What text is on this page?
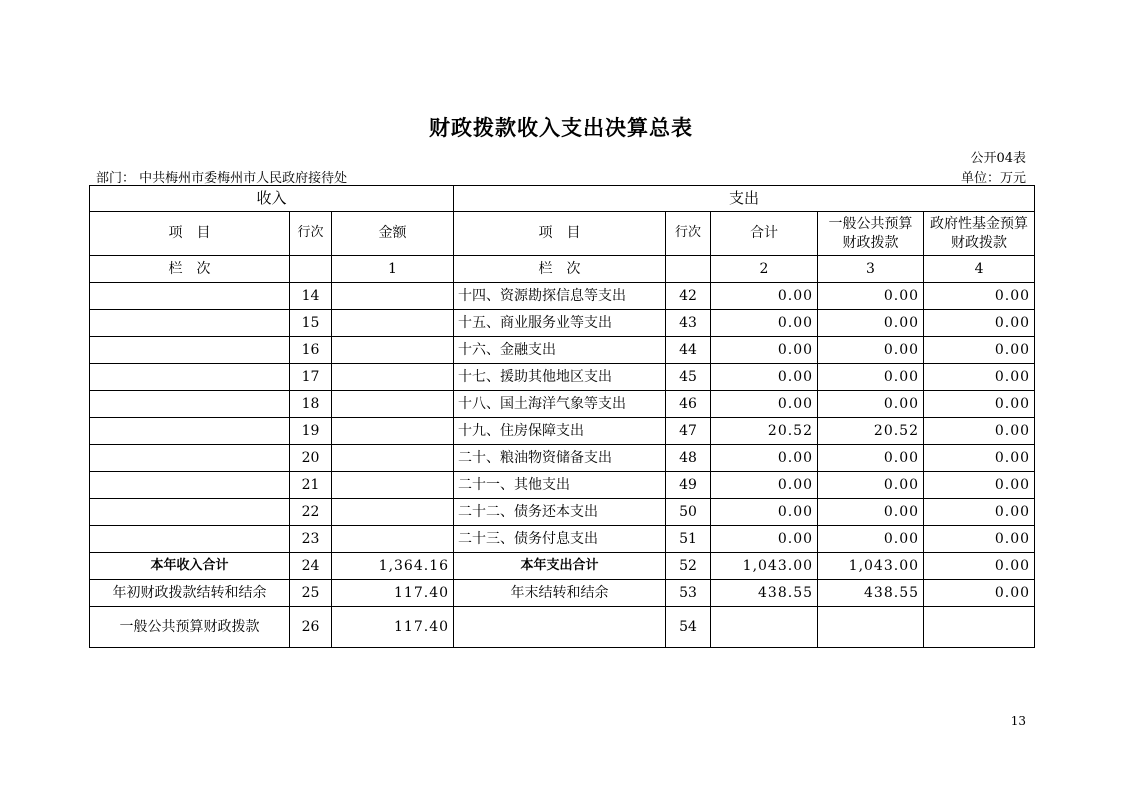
财政拨款收入支出决算总表
公开04表
部门： 中共梅州市委梅州市人民政府接待处	单位：万元
收入			支出				
项　目	行次	金额	项　目	行次	合计	一般公共预算财政拨款	政府性基金预算财政拨款
栏　次		1	栏　次		2	3	4
	14		十四、资源勘探信息等支出	42	0.00	0.00	0.00
	15		十五、商业服务业等支出	43	0.00	0.00	0.00
	16		十六、金融支出	44	0.00	0.00	0.00
	17		十七、援助其他地区支出	45	0.00	0.00	0.00
	18		十八、国土海洋气象等支出	46	0.00	0.00	0.00
	19		十九、住房保障支出	47	20.52	20.52	0.00
	20		二十、粮油物资储备支出	48	0.00	0.00	0.00
	21		二十一、其他支出	49	0.00	0.00	0.00
	22		二十二、债务还本支出	50	0.00	0.00	0.00
	23		二十三、债务付息支出	51	0.00	0.00	0.00
本年收入合计	24	1,364.16	本年支出合计	52	1,043.00	1,043.00	0.00
年初财政拨款结转和结余	25	117.40	年末结转和结余	53	438.55	438.55	0.00
一般公共预算财政拨款	26	117.40		54			
13
